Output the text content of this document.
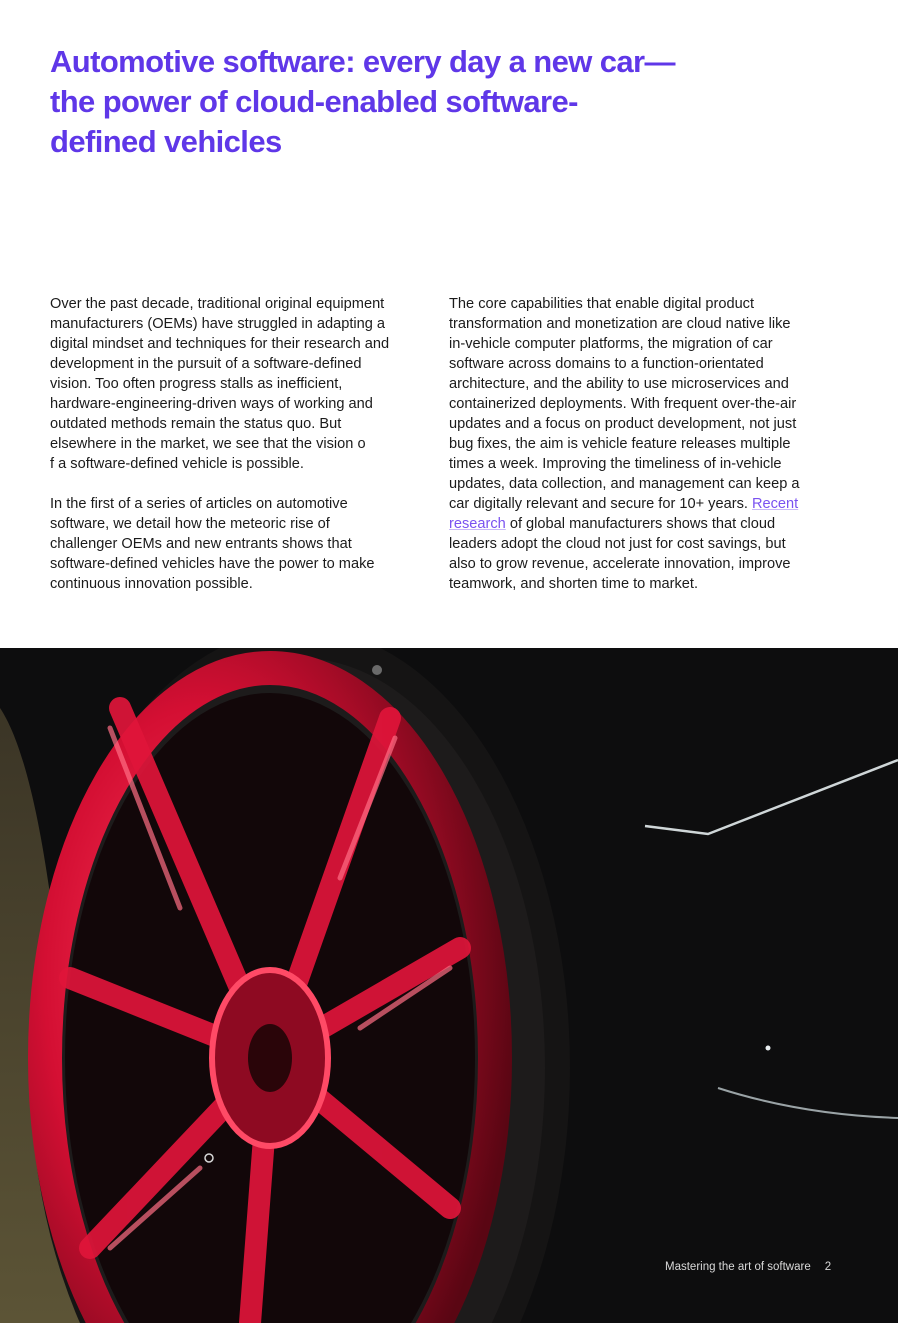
Automotive software: every day a new car—
the power of cloud-enabled software-
defined vehicles
Over the past decade, traditional original equipment
manufacturers (OEMs) have struggled in adapting a
digital mindset and techniques for their research and
development in the pursuit of a software-defined
vision. Too often progress stalls as inefficient,
hardware-engineering-driven ways of working and
outdated methods remain the status quo. But
elsewhere in the market, we see that the vision o
f a software-defined vehicle is possible.
In the first of a series of articles on automotive
software, we detail how the meteoric rise of
challenger OEMs and new entrants shows that
software-defined vehicles have the power to make
continuous innovation possible.
The core capabilities that enable digital product
transformation and monetization are cloud native like
in-vehicle computer platforms, the migration of car
software across domains to a function-orientated
architecture, and the ability to use microservices and
containerized deployments. With frequent over-the-air
updates and a focus on product development, not just
bug fixes, the aim is vehicle feature releases multiple
times a week. Improving the timeliness of in-vehicle
updates, data collection, and management can keep a
car digitally relevant and secure for 10+ years. Recent
research of global manufacturers shows that cloud
leaders adopt the cloud not just for cost savings, but
also to grow revenue, accelerate innovation, improve
teamwork, and shorten time to market.
Mastering the art of software 2
